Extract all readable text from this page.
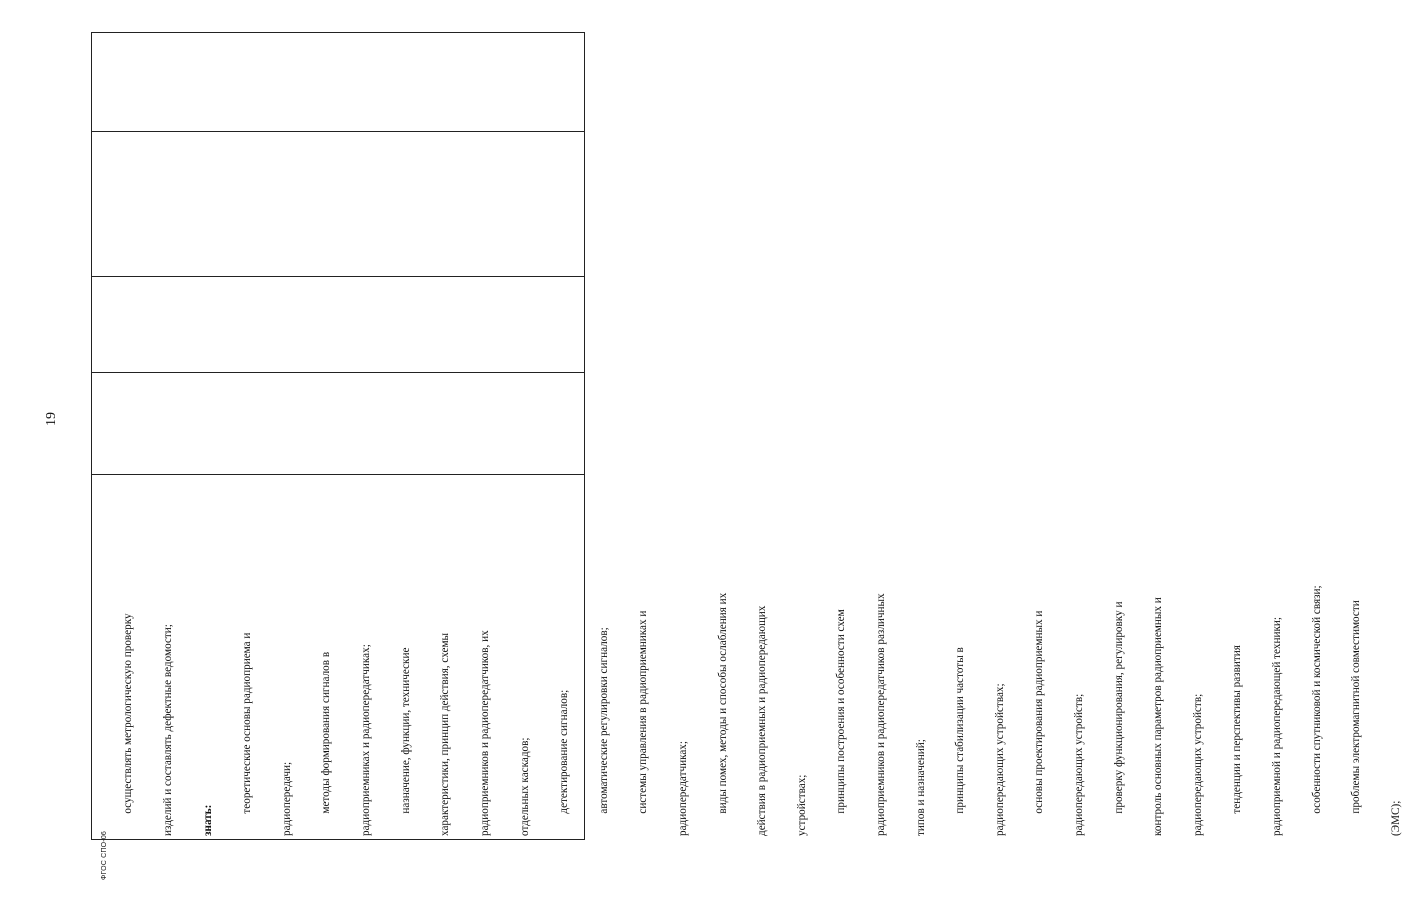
19

осуществлять метрологическую проверку

изделий и составлять дефектные ведомости;

знать:

теоретические основы радиоприема и

радиопередачи;

методы формирования сигналов в

радиоприемниках и радиопередатчиках;

назначение, функции, технические

характеристики, принцип действия, схемы

радиоприемников и радиопередатчиков, их

отдельных каскадов;

детектирование сигналов;

автоматические регулировки сигналов;

системы управления в радиоприемниках и

радиопередатчиках;

виды помех, методы и способы ослабления их

действия в радиоприемных и радиопередающих

устройствах;

принципы построения и особенности схем

радиоприемников и радиопередатчиков различных

типов и назначений;

принципы стабилизации частоты в

радиопередающих устройствах;

основы проектирования радиоприемных и

радиопередающих устройств;

проверку функционирования, регулировку и

контроль основных параметров радиоприемных и

радиопередающих устройств;

тенденции и перспективы развития

радиоприемной и радиопередающей техники;

особенности спутниковой и космической связи;

проблемы электромагнитной совместимости

(ЭМС);

ФГОС СПО-06
